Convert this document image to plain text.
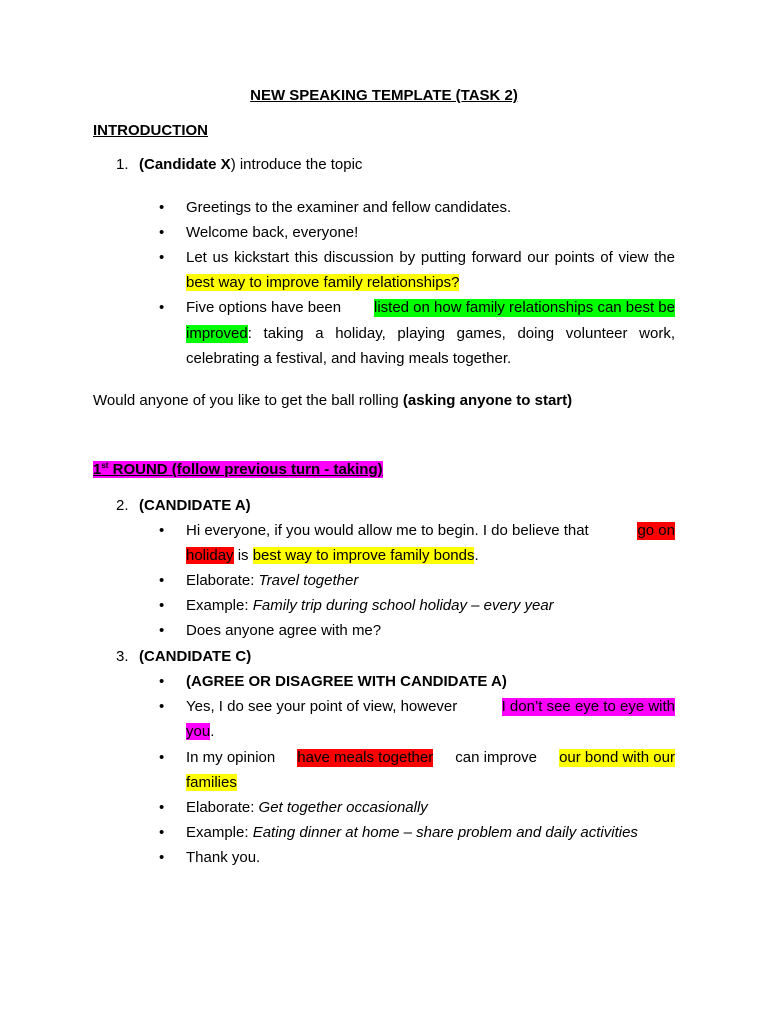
NEW SPEAKING TEMPLATE (TASK 2)
INTRODUCTION
1. (Candidate X) introduce the topic
• Greetings to the examiner and fellow candidates.
• Welcome back, everyone!
• Let us kickstart this discussion by putting forward our points of view the
best way to improve family relationships?
• Five options have been listed on how family relationships can best be
improved : taking a holiday, playing games, doing volunteer work,
celebrating a festival, and having meals together.
Would anyone of you like to get the ball rolling (asking anyone to start)
1st ROUND (follow previous turn - taking)
2. (CANDIDATE A)
• Hi everyone, if you would allow me to begin. I do believe that	go on
holiday is best way to improve family bonds.
• Elaborate: Travel together
• Example: Family trip during school holiday – every year
• Does anyone agree with me?
3. (CANDIDATE C)
• (AGREE OR DISAGREE WITH CANDIDATE A)
• Yes, I do see your point of view, however	I don’t see eye to eye with
you.
• In my opinion have meals together can improve our bond with our
families
• Elaborate: Get together occasionally
• Example: Eating dinner at home – share problem and daily activities
• Thank you.
